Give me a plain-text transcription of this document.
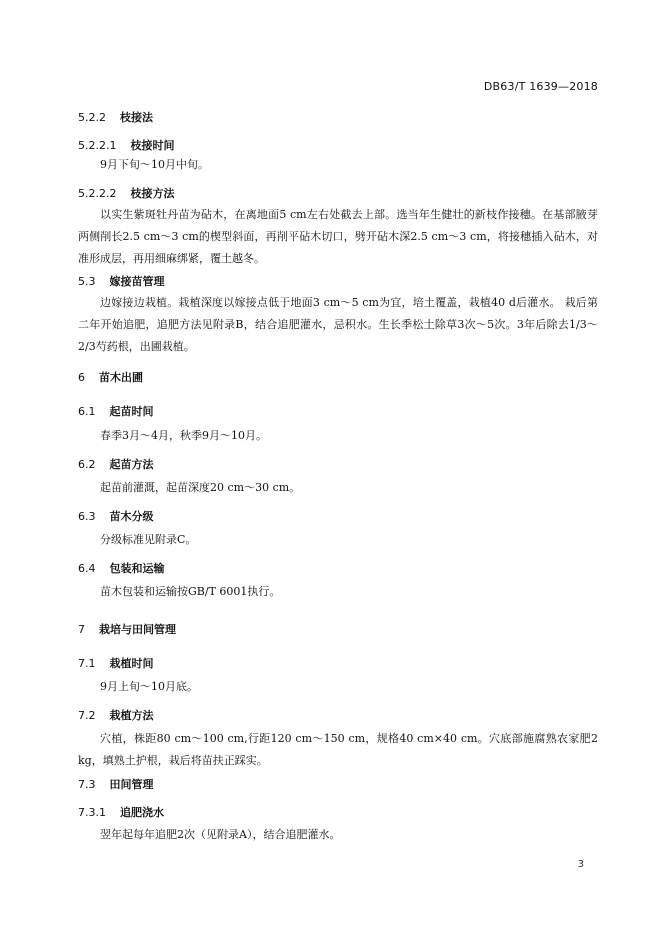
DB63/T 1639—2018
5.2.2 枝接法
5.2.2.1 枝接时间

9月下旬～10月中旬。

5.2.2.2 枝接方法

以实生紫斑牡丹苗为砧木，在离地面5 cm左右处截去上部。选当年生健壮的新枝作接穗。在基部腋芽两侧削长2.5 cm～3 cm的楔型斜面，再削平砧木切口，劈开砧木深2.5 cm～3 cm，将接穗插入砧木，对准形成层，再用细麻绑紧，覆土越冬。

5.3 嫁接苗管理

边嫁接边栽植。栽植深度以嫁接点低于地面3 cm～5 cm为宜，培土覆盖，栽植40 d后灌水。 栽后第二年开始追肥，追肥方法见附录B，结合追肥灌水，忌积水。生长季松土除草3次～5次。3年后除去1/3～2/3芍药根，出圃栽植。

6 苗木出圃
6.1 起苗时间

春季3月～4月，秋季9月～10月。

6.2 起苗方法

起苗前灌溉，起苗深度20 cm～30 cm。

6.3 苗木分级

分级标准见附录C。

6.4 包装和运输

苗木包装和运输按GB/T 6001执行。

7 栽培与田间管理
7.1 栽植时间

9月上旬～10月底。

7.2 栽植方法

穴植，株距80 cm～100 cm,行距120 cm～150 cm，规格40 cm×40 cm。穴底部施腐熟农家肥2 kg，填熟土护根，栽后将苗扶正踩实。

7.3 田间管理
7.3.1 追肥浇水

翌年起每年追肥2次（见附录A），结合追肥灌水。

3
